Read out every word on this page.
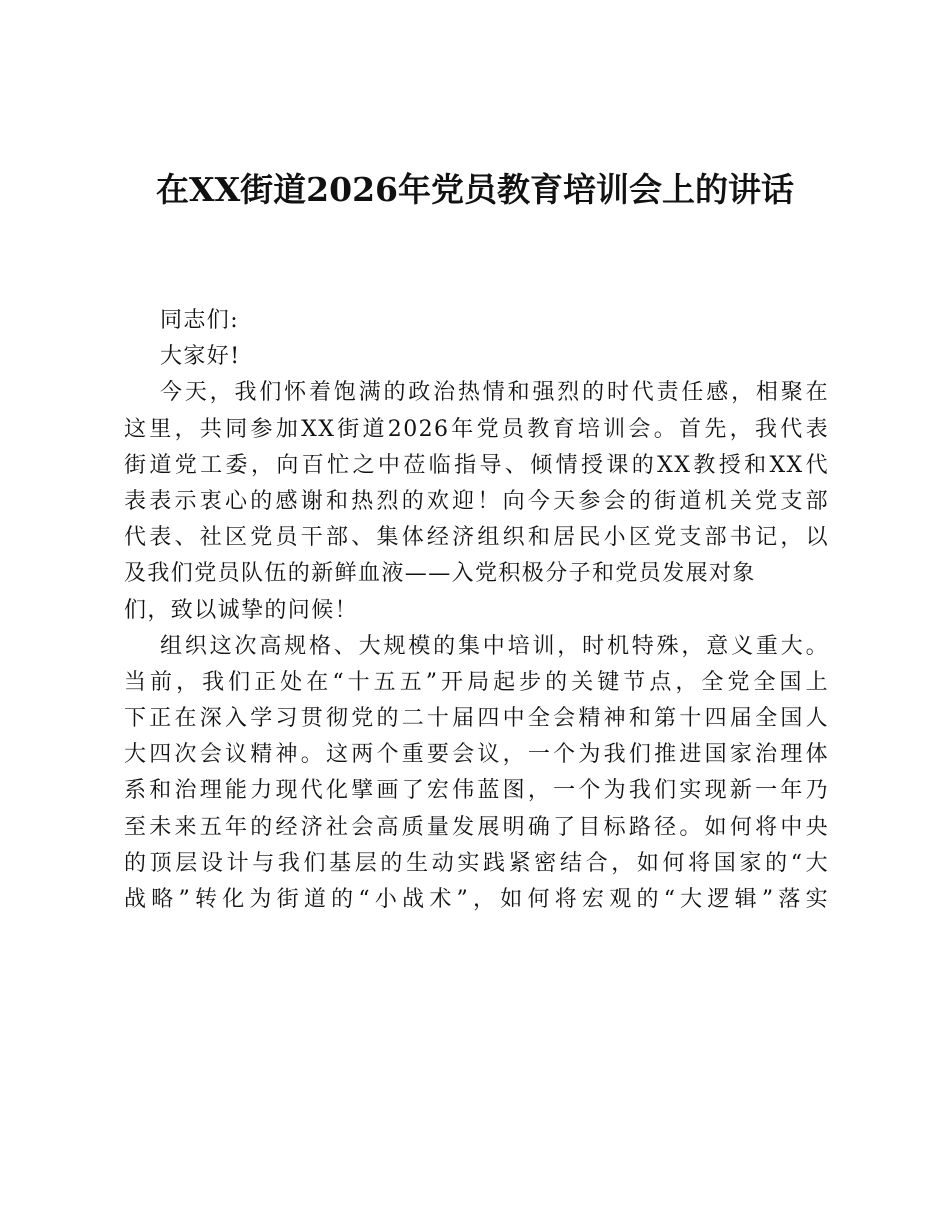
在XX街道2026年党员教育培训会上的讲话
同志们:
大家好!
今天，我们怀着饱满的政治热情和强烈的时代责任感，相聚在
这里，共同参加XX街道2026年党员教育培训会。首先，我代表
街道党工委，向百忙之中莅临指导、倾情授课的XX教授和XX代
表表示衷心的感谢和热烈的欢迎！向今天参会的街道机关党支部
代表、社区党员干部、集体经济组织和居民小区党支部书记，以
及我们党员队伍的新鲜血液——入党积极分子和党员发展对象
们，致以诚挚的问候！
组织这次高规格、大规模的集中培训，时机特殊，意义重大。
当前，我们正处在“十五五”开局起步的关键节点，全党全国上
下正在深入学习贯彻党的二十届四中全会精神和第十四届全国人
大四次会议精神。这两个重要会议，一个为我们推进国家治理体
系和治理能力现代化擘画了宏伟蓝图，一个为我们实现新一年乃
至未来五年的经济社会高质量发展明确了目标路径。如何将中央
的顶层设计与我们基层的生动实践紧密结合，如何将国家的“大
战略”转化为街道的“小战术”，如何将宏观的“大逻辑”落实
